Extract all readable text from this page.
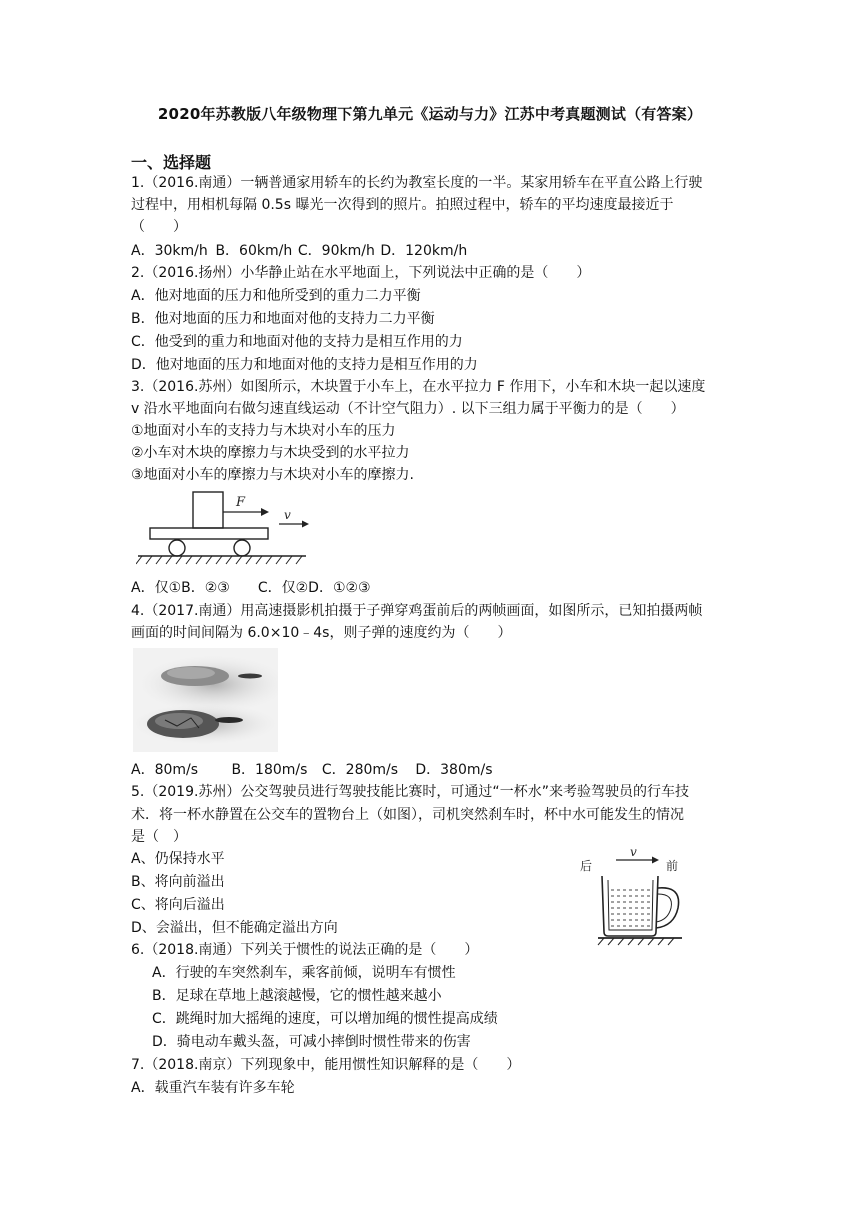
2020年苏教版八年级物理下第九单元《运动与力》江苏中考真题测试（有答案）
一、选择题
1.（2016.南通）一辆普通家用轿车的长约为教室长度的一半。某家用轿车在平直公路上行驶
过程中，用相机每隔 0.5s 曝光一次得到的照片。拍照过程中，轿车的平均速度最接近于
（　　）
A．30km/h B．60km/h C．90km/h D．120km/h
2.（2016.扬州）小华静止站在水平地面上，下列说法中正确的是（　　）
A．他对地面的压力和他所受到的重力二力平衡
B．他对地面的压力和地面对他的支持力二力平衡
C．他受到的重力和地面对他的支持力是相互作用的力
D．他对地面的压力和地面对他的支持力是相互作用的力
3.（2016.苏州）如图所示，木块置于小车上，在水平拉力 F 作用下，小车和木块一起以速度
v 沿水平地面向右做匀速直线运动（不计空气阻力）. 以下三组力属于平衡力的是（　　）
①地面对小车的支持力与木块对小车的压力
②小车对木块的摩擦力与木块受到的水平拉力
③地面对小车的摩擦力与木块对小车的摩擦力.
F
v
A．仅①B．②③　　C．仅②D．①②③
4.（2017.南通）用高速摄影机拍摄于子弹穿鸡蛋前后的两帧画面，如图所示，已知拍摄两帧
画面的时间间隔为 6.0×10﹣4s，则子弹的速度约为（　　）
A．80m/s B．180m/s C．280m/s D．380m/s
5.（2019.苏州）公交驾驶员进行驾驶技能比赛时，可通过“一杯水”来考验驾驶员的行车技
术．将一杯水静置在公交车的置物台上（如图），司机突然刹车时，杯中水可能发生的情况
是（　）
A、仍保持水平
B、将向前溢出
C、将向后溢出
D、会溢出，但不能确定溢出方向
后	前
v
6.（2018.南通）下列关于惯性的说法正确的是（　　）
A．行驶的车突然刹车，乘客前倾，说明车有惯性
B．足球在草地上越滚越慢，它的惯性越来越小
C．跳绳时加大摇绳的速度，可以增加绳的惯性提高成绩
D．骑电动车戴头盔，可减小摔倒时惯性带来的伤害
7.（2018.南京）下列现象中，能用惯性知识解释的是（　　）
A．载重汽车装有许多车轮
